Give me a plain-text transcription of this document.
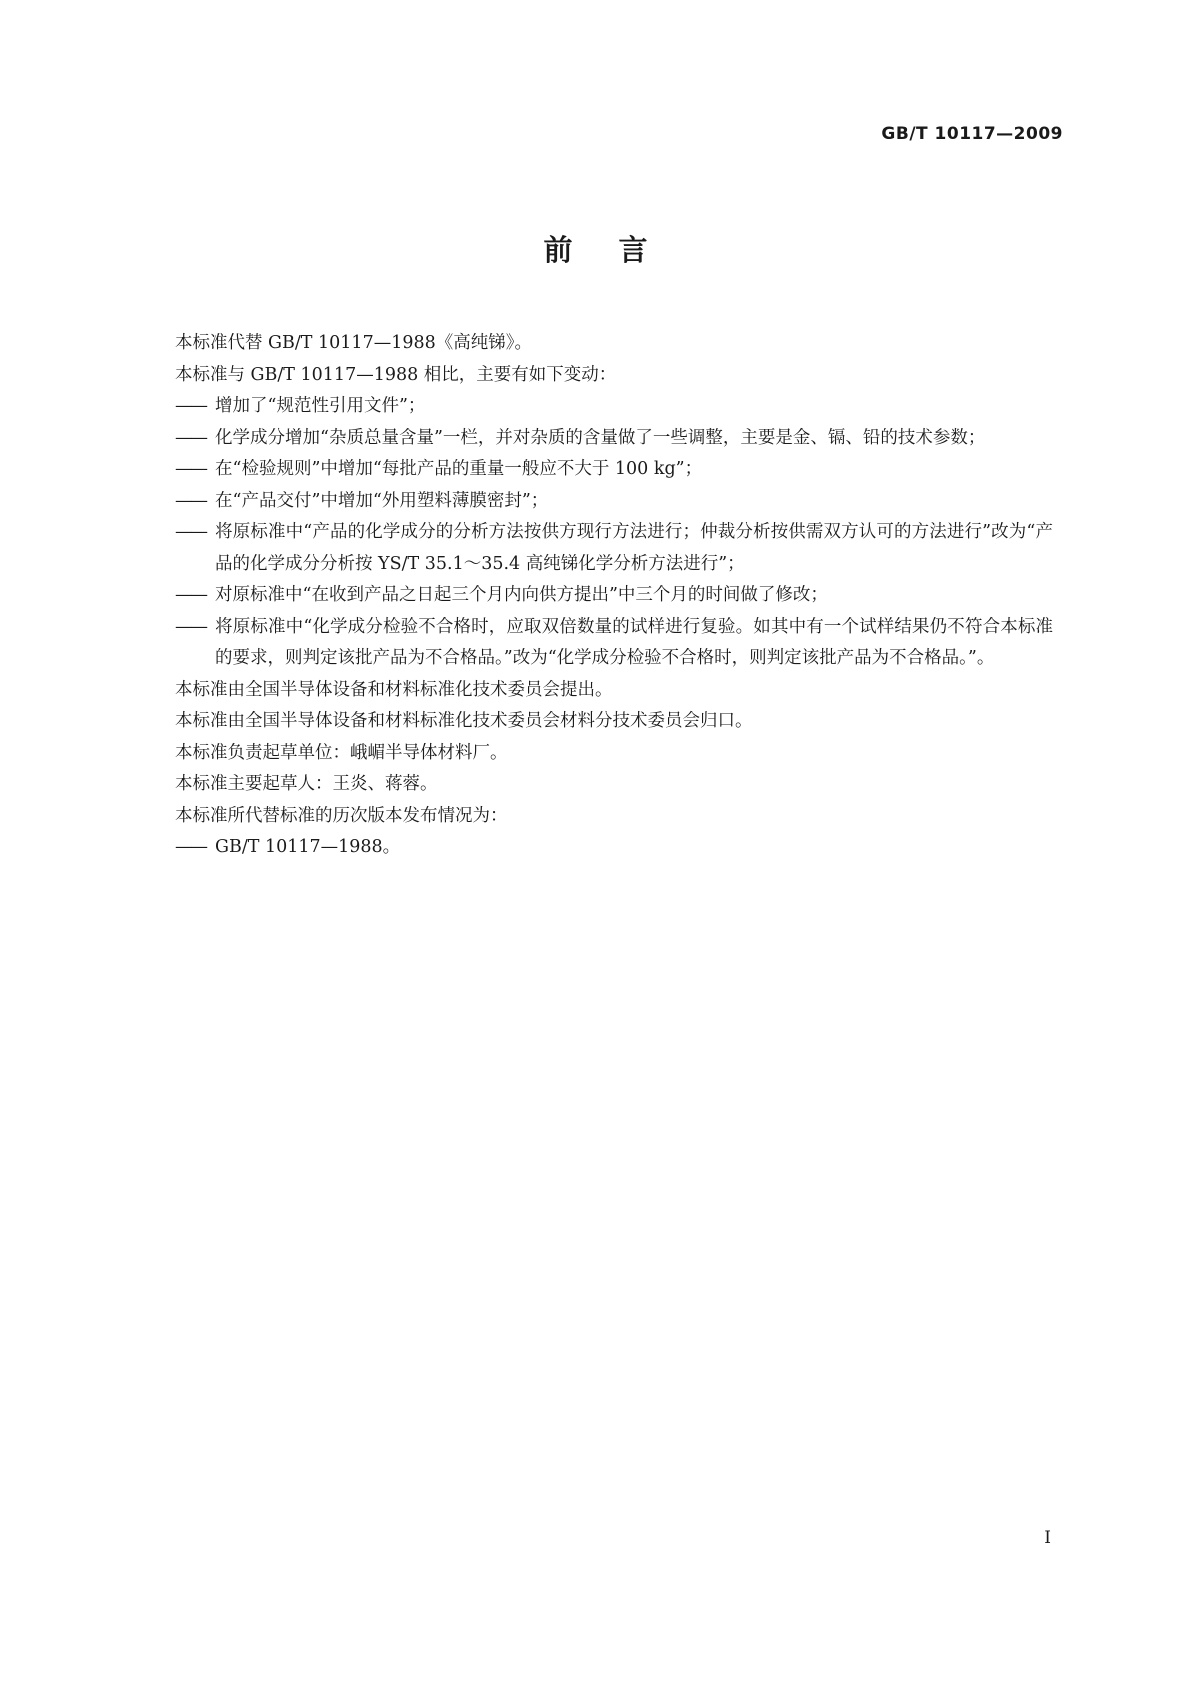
GB/T 10117—2009
前言

本标准代替 GB/T 10117—1988《高纯锑》。

本标准与 GB/T 10117—1988 相比，主要有如下变动：

—— 增加了“规范性引用文件”；

—— 化学成分增加“杂质总量含量”一栏，并对杂质的含量做了一些调整，主要是金、镉、铅的技术参数；

—— 在“检验规则”中增加“每批产品的重量一般应不大于 100 kg”；

—— 在“产品交付”中增加“外用塑料薄膜密封”；

—— 将原标准中“产品的化学成分的分析方法按供方现行方法进行；仲裁分析按供需双方认可的方法进行”改为“产品的化学成分分析按 YS/T 35.1～35.4 高纯锑化学分析方法进行”；

—— 对原标准中“在收到产品之日起三个月内向供方提出”中三个月的时间做了修改；

—— 将原标准中“化学成分检验不合格时，应取双倍数量的试样进行复验。如其中有一个试样结果仍不符合本标准的要求，则判定该批产品为不合格品。”改为“化学成分检验不合格时，则判定该批产品为不合格品。”。

本标准由全国半导体设备和材料标准化技术委员会提出。

本标准由全国半导体设备和材料标准化技术委员会材料分技术委员会归口。

本标准负责起草单位：峨嵋半导体材料厂。

本标准主要起草人：王炎、蒋蓉。

本标准所代替标准的历次版本发布情况为：

—— GB/T 10117—1988。

I
